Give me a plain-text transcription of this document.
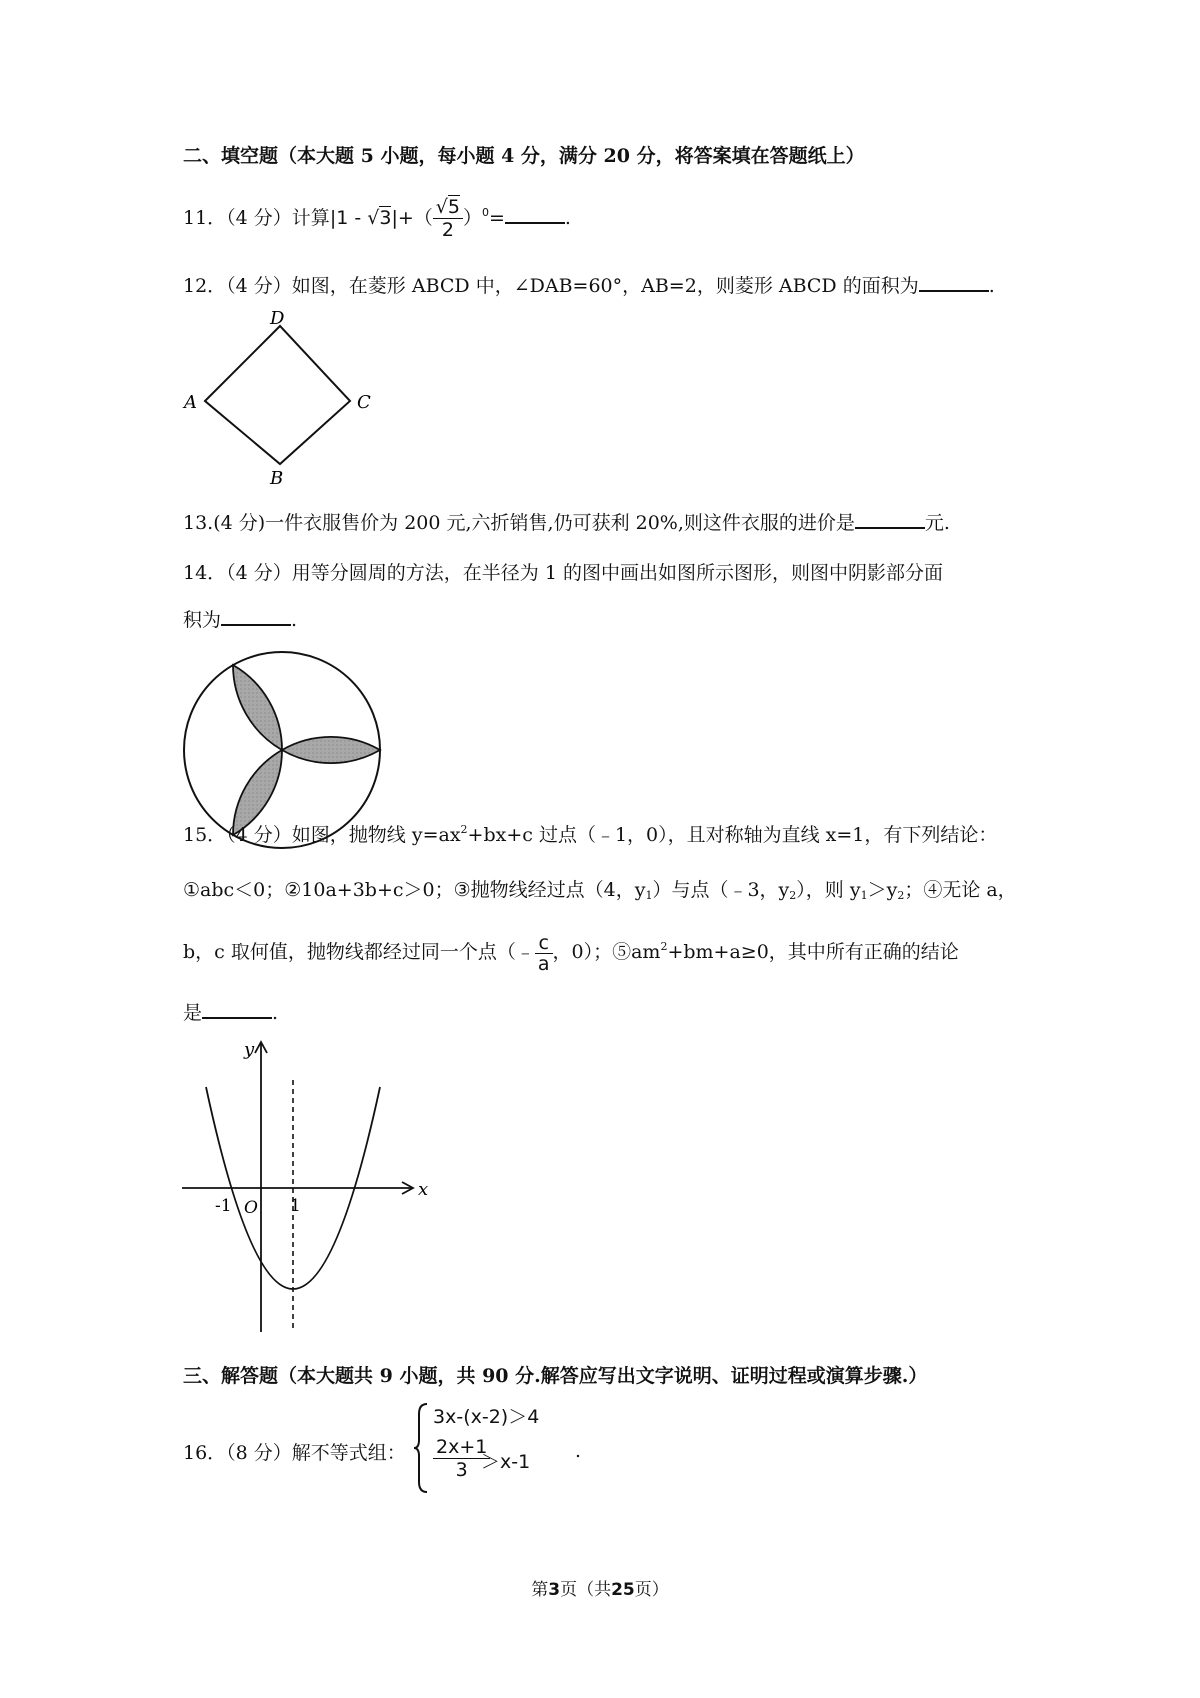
二、填空题（本大题 5 小题，每小题 4 分，满分 20 分，将答案填在答题纸上）
11．（4 分）计算$|1 - √3|+( \frac{√5}{2} )^0=$	.
12．（4 分）如图，在菱形 ABCD 中，∠DAB=60°，AB=2，则菱形 ABCD 的面积为	.
D
A	C
B
13.(4 分)一件衣服售价为 200 元,六折销售,仍可获利 20%,则这件衣服的进价是	元.
14．（4 分）用等分圆周的方法，在半径为 1 的图中画出如图所示图形，则图中阴影部分面
积为	.
15．（4 分）如图，抛物线 $y=ax^2+bx+c$ 过点（﹣1，0），且对称轴为直线 x=1，有下列结论：
①abc＜0；②10a+3b+c＞0；③抛物线经过点（4，$y_1$）与点（﹣3，$y_2$），则 $y_1>y_2$；④无论 a，
b，c 取何值，抛物线都经过同一个点（﹣ $\frac{c}{a}$ ，0）；$⑤am^2+bm+a\ge 0$，其中所有正确的结论
是	.
y
x
-1 O 1
三、解答题（本大题共 9 小题，共 90 分.解答应写出文字说明、证明过程或演算步骤.）
16．（8 分）解不等式组：
3x-(x-2)＞4
$\frac{2x+1}{3}$
＞x-1 .
第3页（共25页）
